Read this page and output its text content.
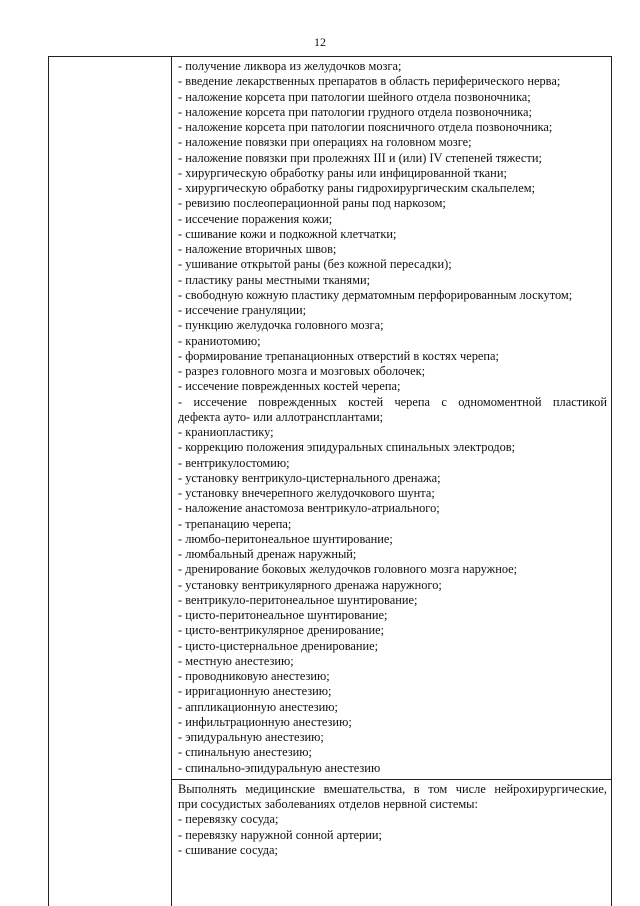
12
- получение ликвора из желудочков мозга;
- введение лекарственных препаратов в область периферического нерва;
- наложение корсета при патологии шейного отдела позвоночника;
- наложение корсета при патологии грудного отдела позвоночника;
- наложение корсета при патологии поясничного отдела позвоночника;
- наложение повязки при операциях на головном мозге;
- наложение повязки при пролежнях III и (или) IV степеней тяжести;
- хирургическую обработку раны или инфицированной ткани;
- хирургическую обработку раны гидрохирургическим скальпелем;
- ревизию послеоперационной раны под наркозом;
- иссечение поражения кожи;
- сшивание кожи и подкожной клетчатки;
- наложение вторичных швов;
- ушивание открытой раны (без кожной пересадки);
- пластику раны местными тканями;
- свободную кожную пластику дерматомным перфорированным лоскутом;
- иссечение грануляции;
- пункцию желудочка головного мозга;
- краниотомию;
- формирование трепанационных отверстий в костях черепа;
- разрез головного мозга и мозговых оболочек;
- иссечение поврежденных костей черепа;
- иссечение поврежденных костей черепа с одномоментной пластикой
дефекта ауто- или аллотрансплантами;
- краниопластику;
- коррекцию положения эпидуральных спинальных электродов;
- вентрикулостомию;
- установку вентрикуло-цистернального дренажа;
- установку внечерепного желудочкового шунта;
- наложение анастомоза вентрикуло-атриального;
- трепанацию черепа;
- люмбо-перитонеальное шунтирование;
- люмбальный дренаж наружный;
- дренирование боковых желудочков головного мозга наружное;
- установку вентрикулярного дренажа наружного;
- вентрикуло-перитонеальное шунтирование;
- цисто-перитонеальное шунтирование;
- цисто-вентрикулярное дренирование;
- цисто-цистернальное дренирование;
- местную анестезию;
- проводниковую анестезию;
- ирригационную анестезию;
- аппликационную анестезию;
- инфильтрационную анестезию;
- эпидуральную анестезию;
- спинальную анестезию;
- спинально-эпидуральную анестезию
Выполнять медицинские вмешательства, в том числе нейрохирургические,
при сосудистых заболеваниях отделов нервной системы:
- перевязку сосуда;
- перевязку наружной сонной артерии;
- сшивание сосуда;
